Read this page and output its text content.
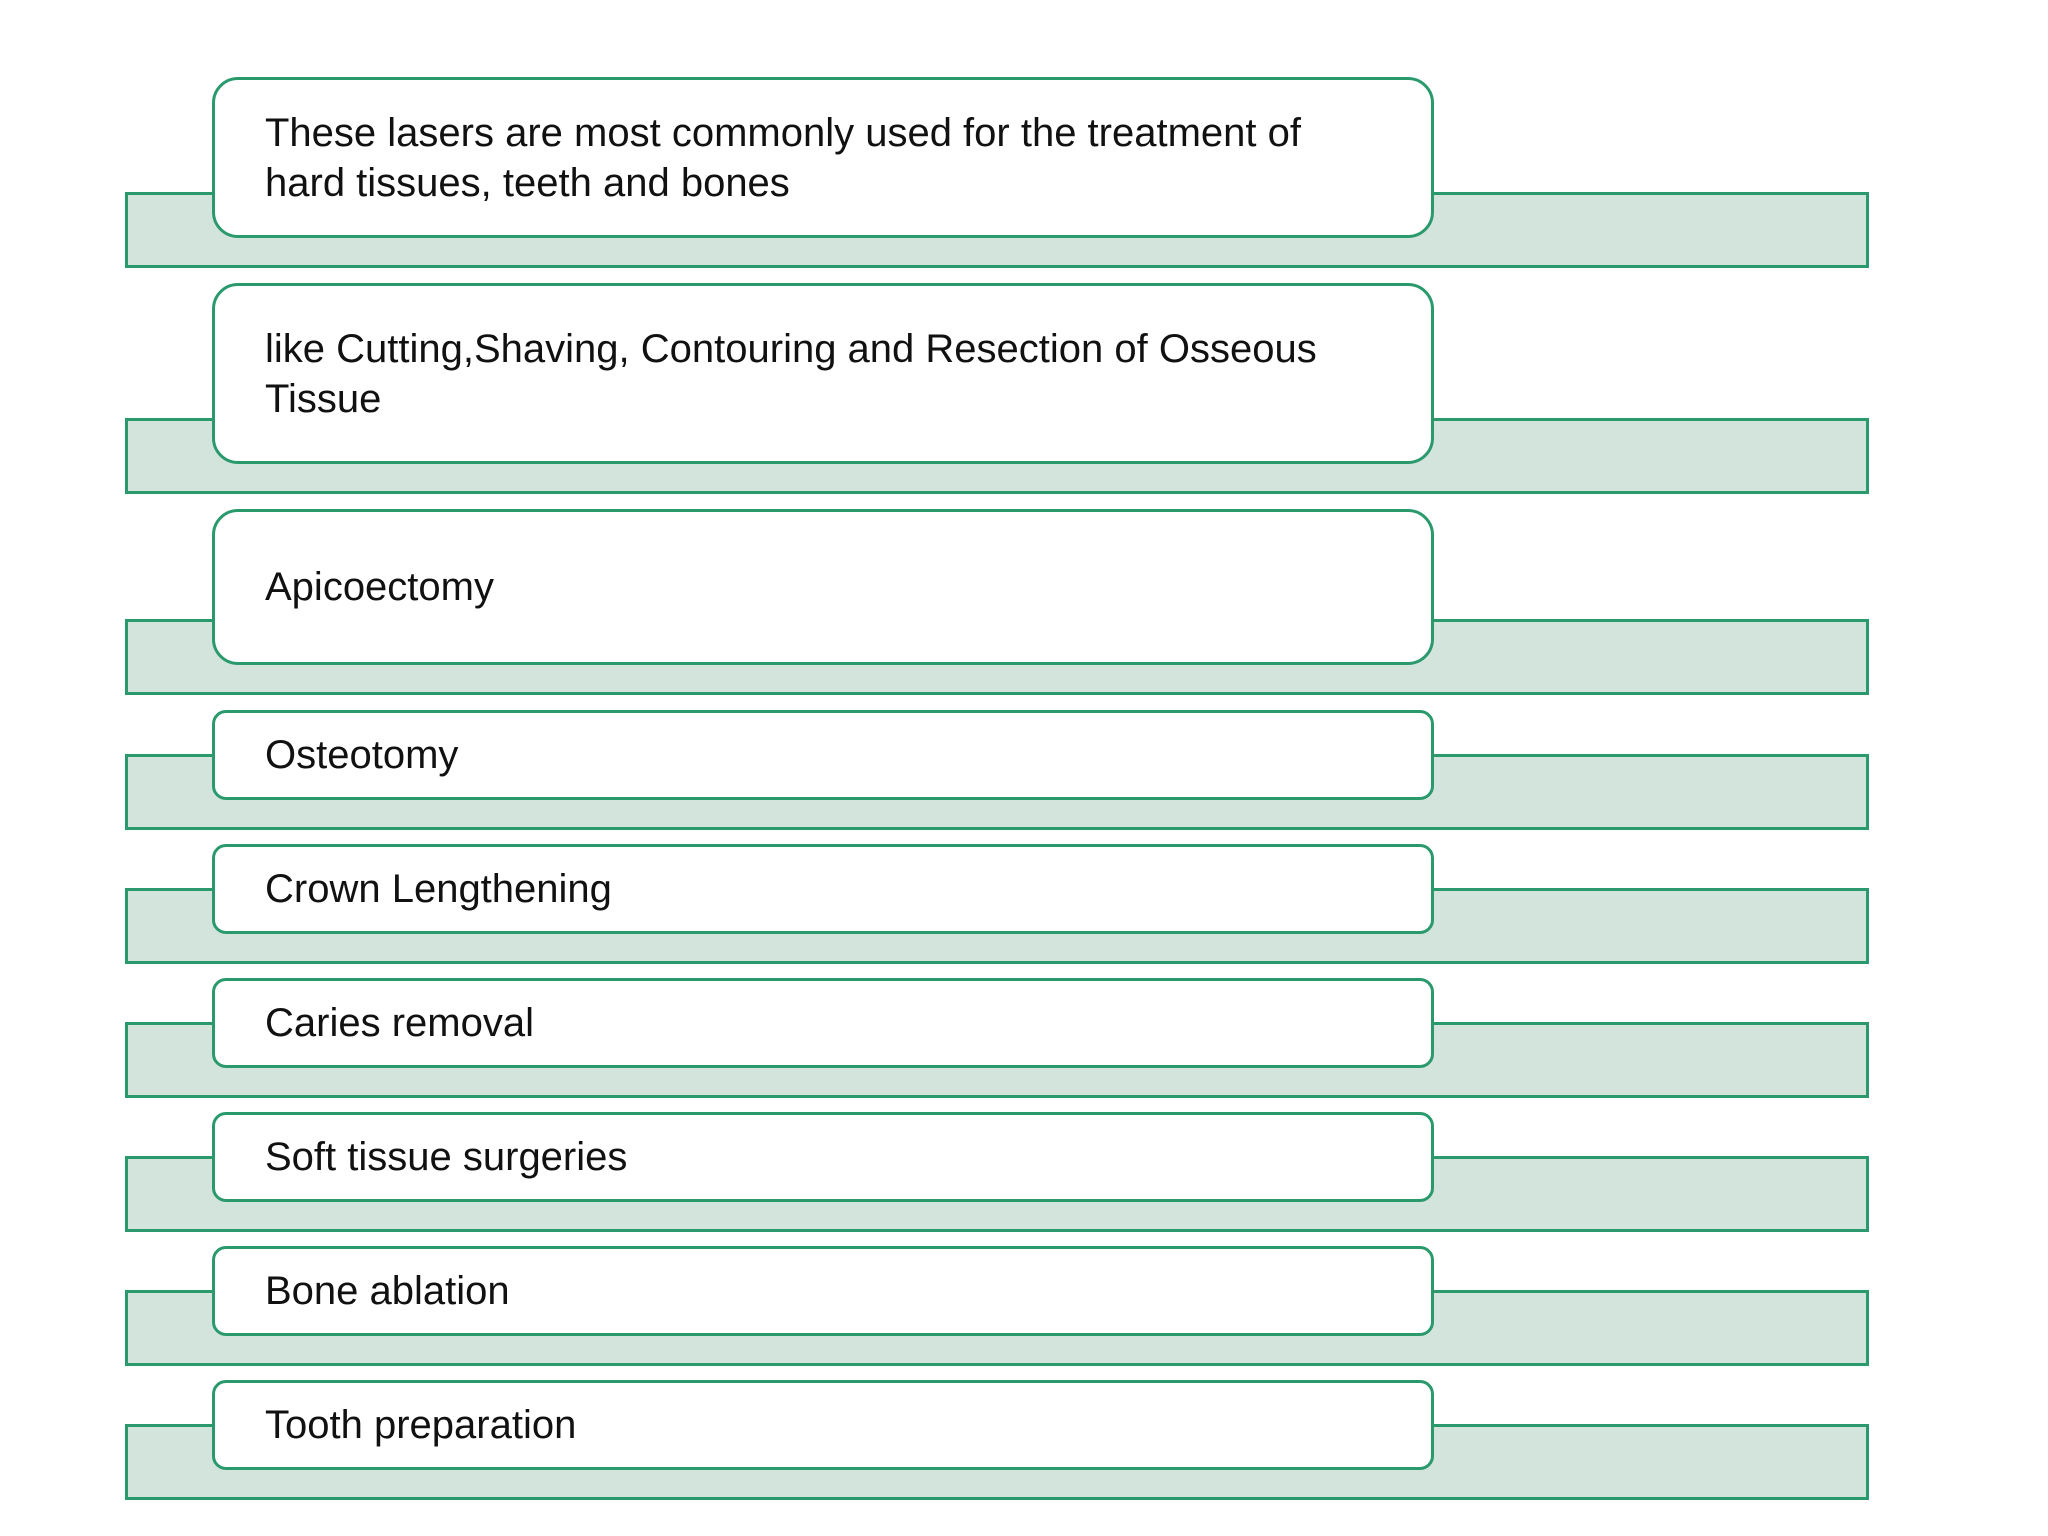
These lasers are most commonly used for the treatment of
hard tissues, teeth and bones
like Cutting,Shaving, Contouring and Resection of Osseous
Tissue
Apicoectomy
Osteotomy
Crown Lengthening
Caries removal
Soft tissue surgeries
Bone ablation
Tooth preparation
